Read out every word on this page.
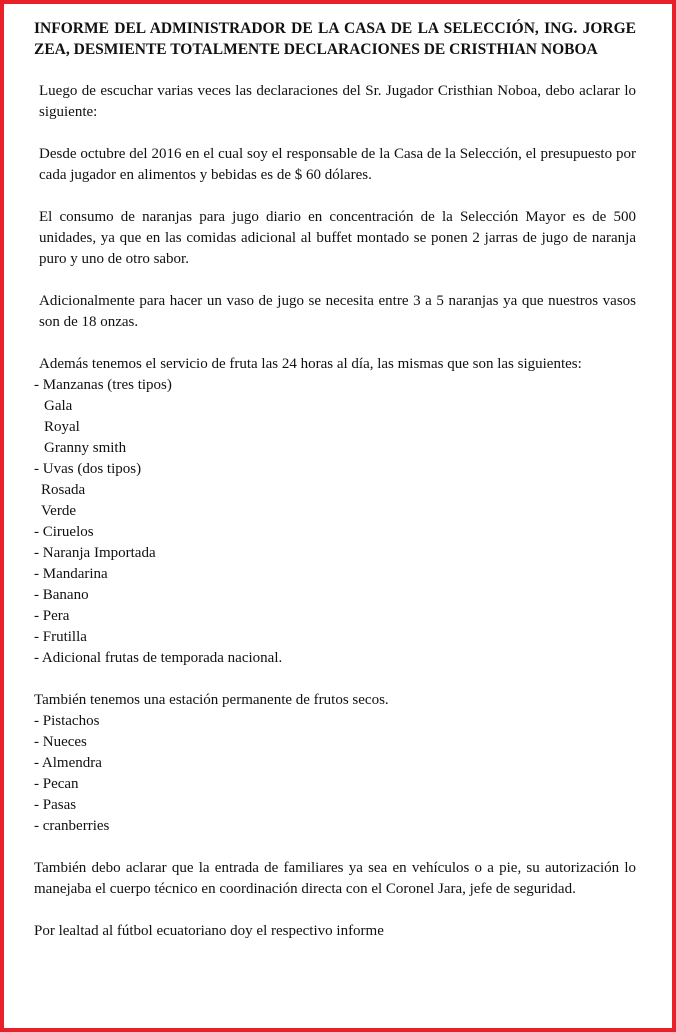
INFORME DEL ADMINISTRADOR DE LA CASA DE LA SELECCIÓN, ING. JORGE ZEA, DESMIENTE TOTALMENTE DECLARACIONES DE CRISTHIAN NOBOA

Luego de escuchar varias veces las declaraciones del Sr. Jugador Cristhian Noboa, debo aclarar lo siguiente:

Desde octubre del 2016 en el cual soy el responsable de la Casa de la Selección, el presupuesto por cada jugador en alimentos y bebidas es de $ 60 dólares.

El consumo de naranjas para jugo diario en concentración de la Selección Mayor es de 500 unidades, ya que en las comidas adicional al buffet montado se ponen 2 jarras de jugo de naranja puro y uno de otro sabor.

Adicionalmente para hacer un vaso de jugo se necesita entre 3 a 5 naranjas ya que nuestros vasos son de 18 onzas.

Además tenemos el servicio de fruta las 24 horas al día, las mismas que son las siguientes:

- Manzanas (tres tipos)
Gala
Royal
Granny smith
- Uvas (dos tipos)
Rosada
Verde
- Ciruelos
- Naranja Importada
- Mandarina
- Banano
- Pera
- Frutilla
- Adicional frutas de temporada nacional.

También tenemos una estación permanente de frutos secos.

- Pistachos
- Nueces
- Almendra
- Pecan
- Pasas
- cranberries

También debo aclarar que la entrada de familiares ya sea en vehículos o a pie, su autorización lo manejaba el cuerpo técnico en coordinación directa con el Coronel Jara, jefe de seguridad.

Por lealtad al fútbol ecuatoriano doy el respectivo informe
